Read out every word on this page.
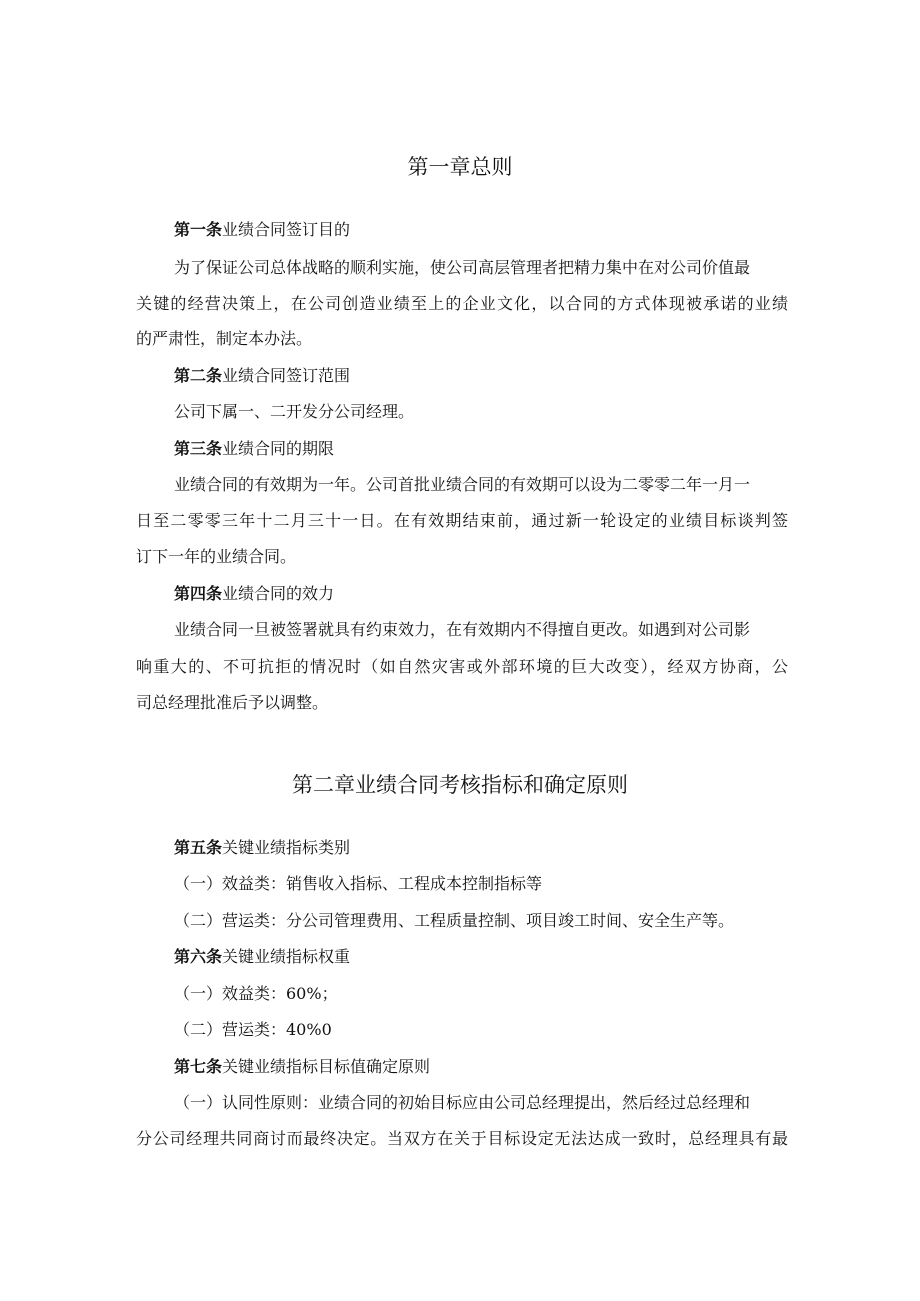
第一章总则

第一条业绩合同签订目的

为了保证公司总体战略的顺利实施，使公司高层管理者把精力集中在对公司价值最

关键的经营决策上，在公司创造业绩至上的企业文化，以合同的方式体现被承诺的业绩

的严肃性，制定本办法。

第二条业绩合同签订范围

公司下属一、二开发分公司经理。

第三条业绩合同的期限

业绩合同的有效期为一年。公司首批业绩合同的有效期可以设为二零零二年一月一

日至二零零三年十二月三十一日。在有效期结束前，通过新一轮设定的业绩目标谈判签

订下一年的业绩合同。

第四条业绩合同的效力

业绩合同一旦被签署就具有约束效力，在有效期内不得擅自更改。如遇到对公司影

响重大的、不可抗拒的情况时（如自然灾害或外部环境的巨大改变），经双方协商，公

司总经理批准后予以调整。

第二章业绩合同考核指标和确定原则

第五条关键业绩指标类别

（一）效益类：销售收入指标、工程成本控制指标等

（二）营运类：分公司管理费用、工程质量控制、项目竣工时间、安全生产等。

第六条关键业绩指标权重

（一）效益类：60%；

（二）营运类：40%0

第七条关键业绩指标目标值确定原则

（一）认同性原则：业绩合同的初始目标应由公司总经理提出，然后经过总经理和

分公司经理共同商讨而最终决定。当双方在关于目标设定无法达成一致时，总经理具有最
